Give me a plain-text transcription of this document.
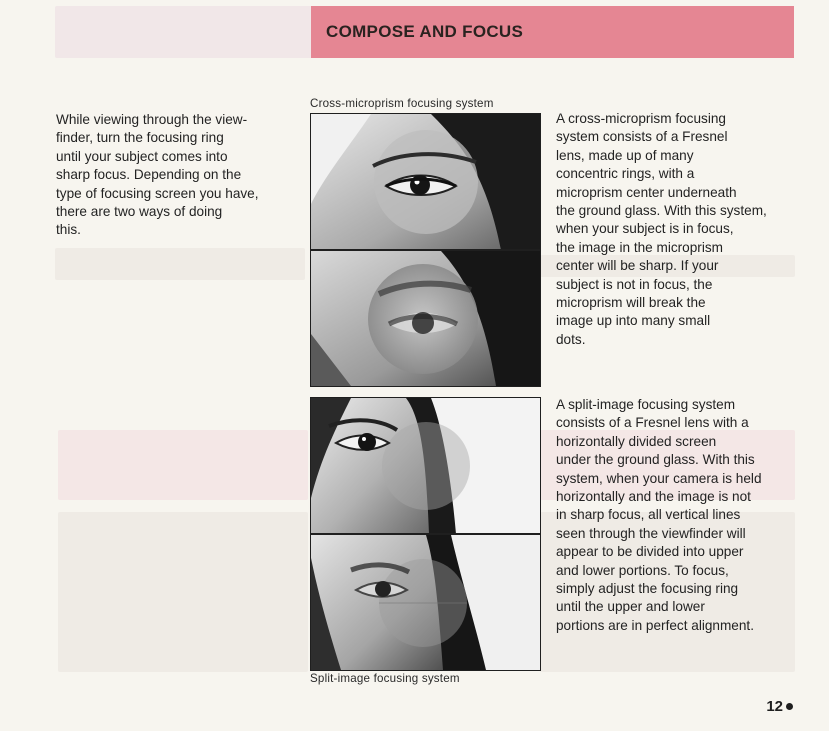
COMPOSE AND FOCUS

While viewing through the view-
finder, turn the focusing ring
until your subject comes into
sharp focus. Depending on the
type of focusing screen you have,
there are two ways of doing
this.

Cross-microprism focusing system

Split-image focusing system

A cross-microprism focusing
system consists of a Fresnel
lens, made up of many
concentric rings, with a
microprism center underneath
the ground glass. With this system,
when your subject is in focus,
the image in the microprism
center will be sharp. If your
subject is not in focus, the
microprism will break the
image up into many small
dots.

A split-image focusing system
consists of a Fresnel lens with a
horizontally divided screen
under the ground glass. With this
system, when your camera is held
horizontally and the image is not
in sharp focus, all vertical lines
seen through the viewfinder will
appear to be divided into upper
and lower portions. To focus,
simply adjust the focusing ring
until the upper and lower
portions are in perfect alignment.

12
